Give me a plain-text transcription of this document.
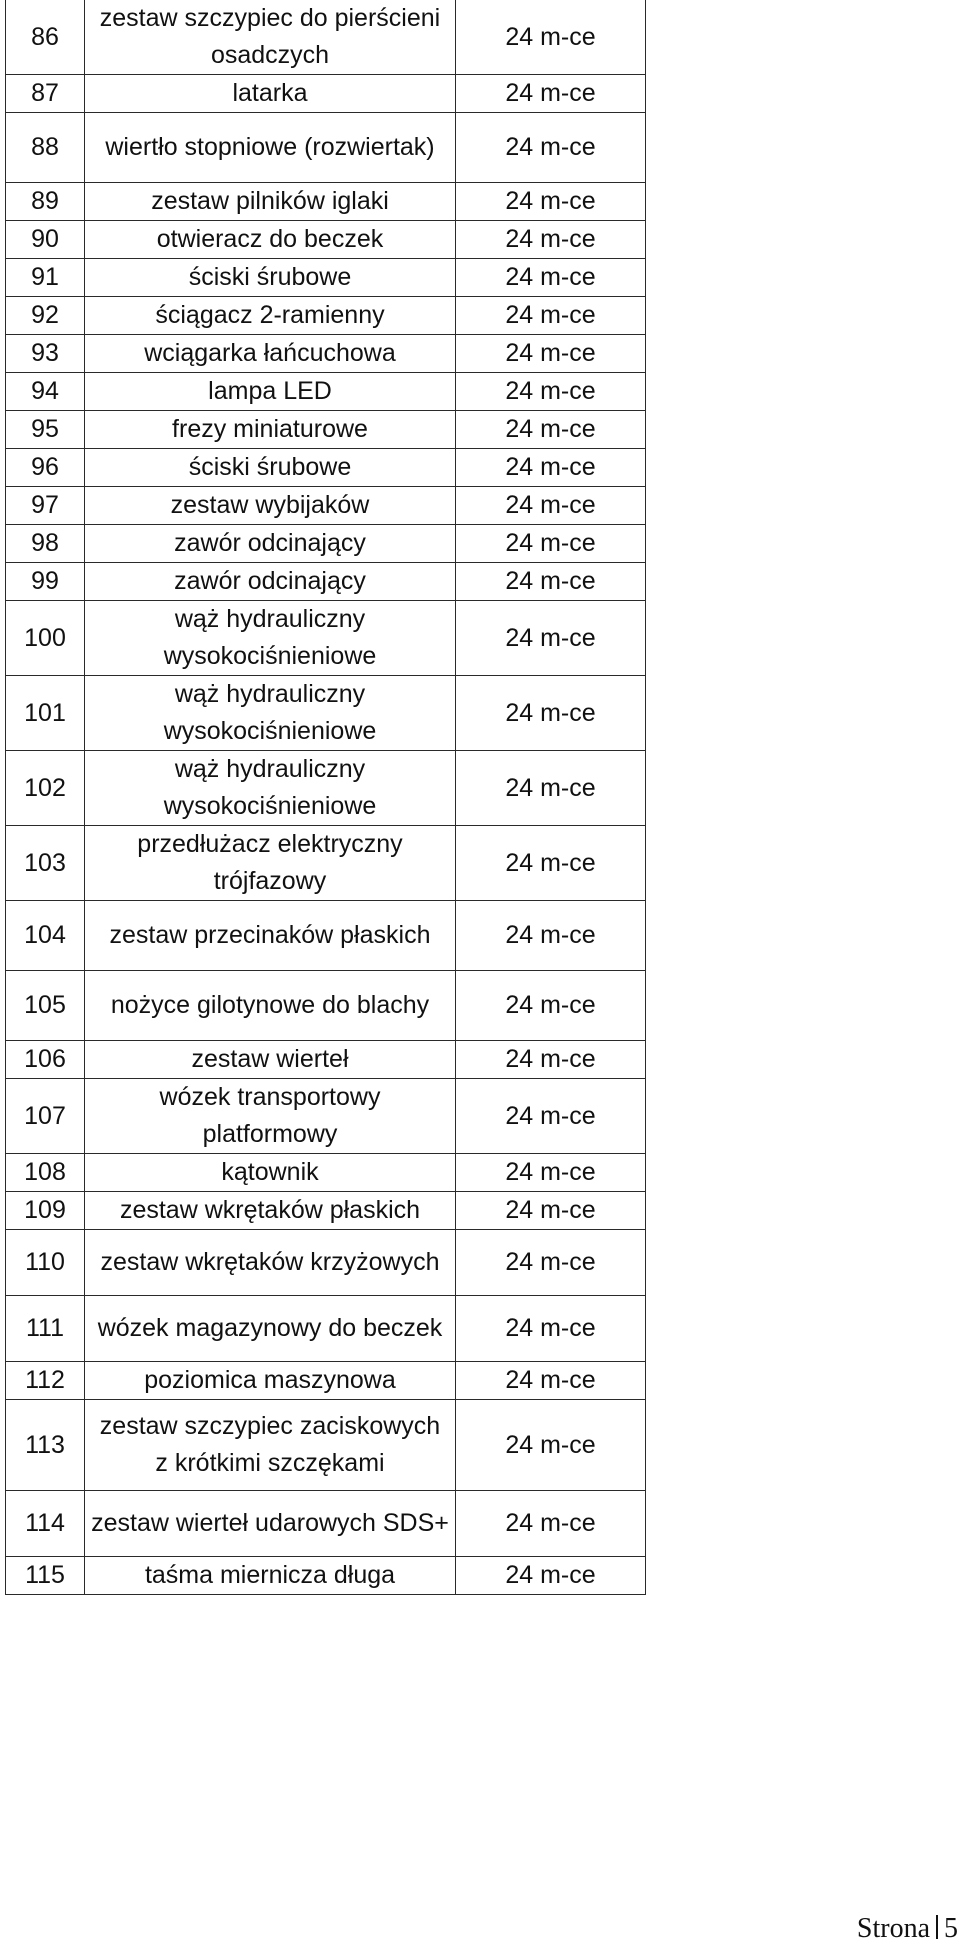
86	zestaw szczypiec do pierścieni osadczych	24 m-ce
87	latarka	24 m-ce
88	wiertło stopniowe (rozwiertak)	24 m-ce
89	zestaw pilników iglaki	24 m-ce
90	otwieracz do beczek	24 m-ce
91	ściski śrubowe	24 m-ce
92	ściągacz 2-ramienny	24 m-ce
93	wciągarka łańcuchowa	24 m-ce
94	lampa LED	24 m-ce
95	frezy miniaturowe	24 m-ce
96	ściski śrubowe	24 m-ce
97	zestaw wybijaków	24 m-ce
98	zawór odcinający	24 m-ce
99	zawór odcinający	24 m-ce
100	wąż hydrauliczny wysokociśnieniowe	24 m-ce
101	wąż hydrauliczny wysokociśnieniowe	24 m-ce
102	wąż hydrauliczny wysokociśnieniowe	24 m-ce
103	przedłużacz elektryczny trójfazowy	24 m-ce
104	zestaw przecinaków płaskich	24 m-ce
105	nożyce gilotynowe do blachy	24 m-ce
106	zestaw wierteł	24 m-ce
107	wózek transportowy platformowy	24 m-ce
108	kątownik	24 m-ce
109	zestaw wkrętaków płaskich	24 m-ce
110	zestaw wkrętaków krzyżowych	24 m-ce
111	wózek magazynowy do beczek	24 m-ce
112	poziomica maszynowa	24 m-ce
113	zestaw szczypiec zaciskowych z krótkimi szczękami	24 m-ce
114	zestaw wierteł udarowych SDS+	24 m-ce
115	taśma miernicza długa	24 m-ce
Strona 5
